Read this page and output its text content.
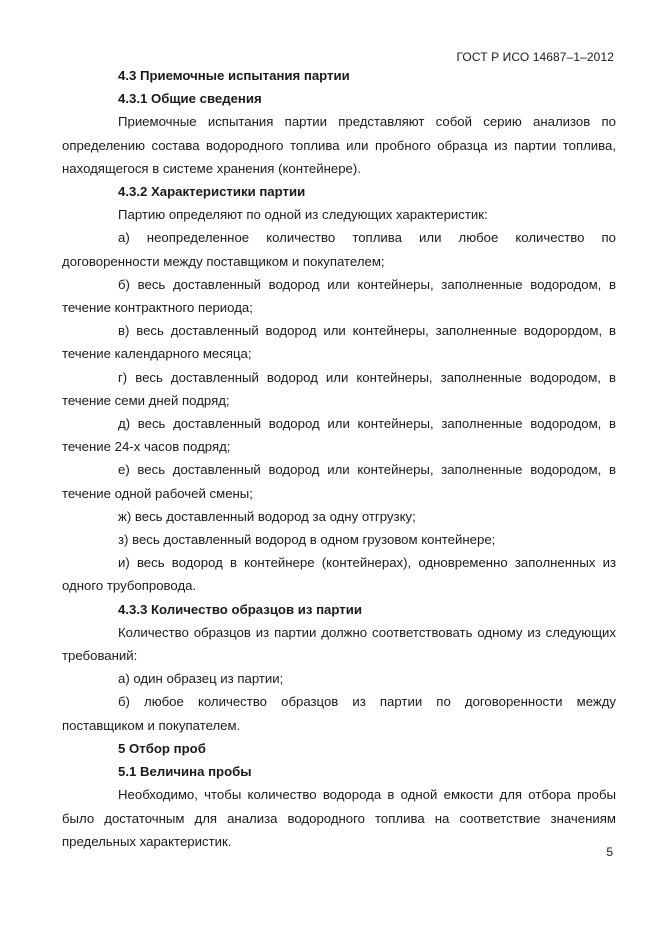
ГОСТ Р ИСО 14687–1–2012
4.3 Приемочные испытания партии
4.3.1 Общие сведения
Приемочные испытания партии представляют собой серию анализов по определению состава водородного топлива или пробного образца из партии топлива, находящегося в системе хранения (контейнере).
4.3.2 Характеристики партии
Партию определяют по одной из следующих характеристик:
а) неопределенное количество топлива или любое количество по договоренности между поставщиком и покупателем;
б) весь доставленный водород или контейнеры, заполненные водородом, в течение контрактного периода;
в) весь доставленный водород или контейнеры, заполненные водорордом, в течение календарного месяца;
г) весь доставленный водород или контейнеры, заполненные водородом, в течение семи дней подряд;
д) весь доставленный водород или контейнеры, заполненные водородом, в течение 24-х часов подряд;
е) весь доставленный водород или контейнеры, заполненные водородом, в течение одной рабочей смены;
ж) весь доставленный водород за одну отгрузку;
з) весь доставленный водород в одном грузовом контейнере;
и) весь водород в контейнере (контейнерах), одновременно заполненных из одного трубопровода.
4.3.3 Количество образцов из партии
Количество образцов из партии должно соответствовать одному из следующих требований:
а) один образец из партии;
б) любое количество образцов из партии по договоренности между поставщиком и покупателем.
5 Отбор проб
5.1 Величина пробы
Необходимо, чтобы количество водорода в одной емкости для отбора пробы было достаточным для анализа водородного топлива на соответствие значениям предельных характеристик.
5
